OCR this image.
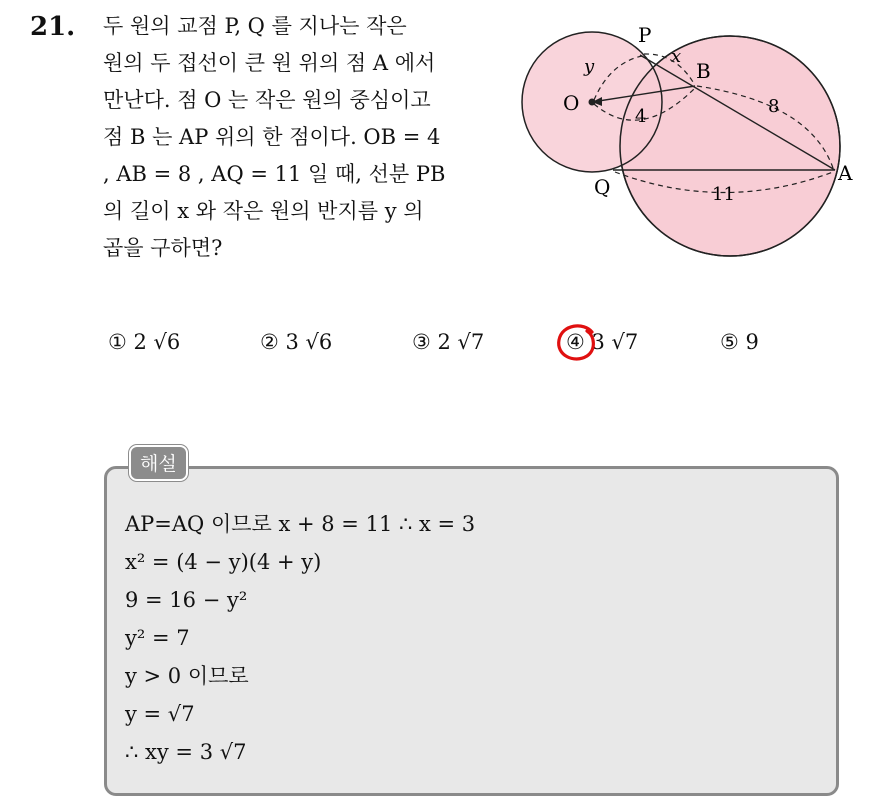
21. 두 원의 교점 P, Q 를 지나는 작은
원의 두 접선이 큰 원 위의 점 A 에서
만난다. 점 O 는 작은 원의 중심이고
점 B 는 AP 위의 한 점이다. OB = 4
, AB = 8 , AQ = 11 일 때, 선분 PB
의 길이 x 와 작은 원의 반지름 y 의
곱을 구하면?
P
B
O
Q
A
x
y
4	8
11
① 2 √6	② 3 √6	③ 2 √7	④ 3 √7	⑤ 9
해설
AP=AQ 이므로 x + 8 = 11 ∴ x = 3
x² = (4 − y)(4 + y)
9 = 16 − y²
y² = 7
y > 0 이므로
y = √7
∴ xy = 3 √7
